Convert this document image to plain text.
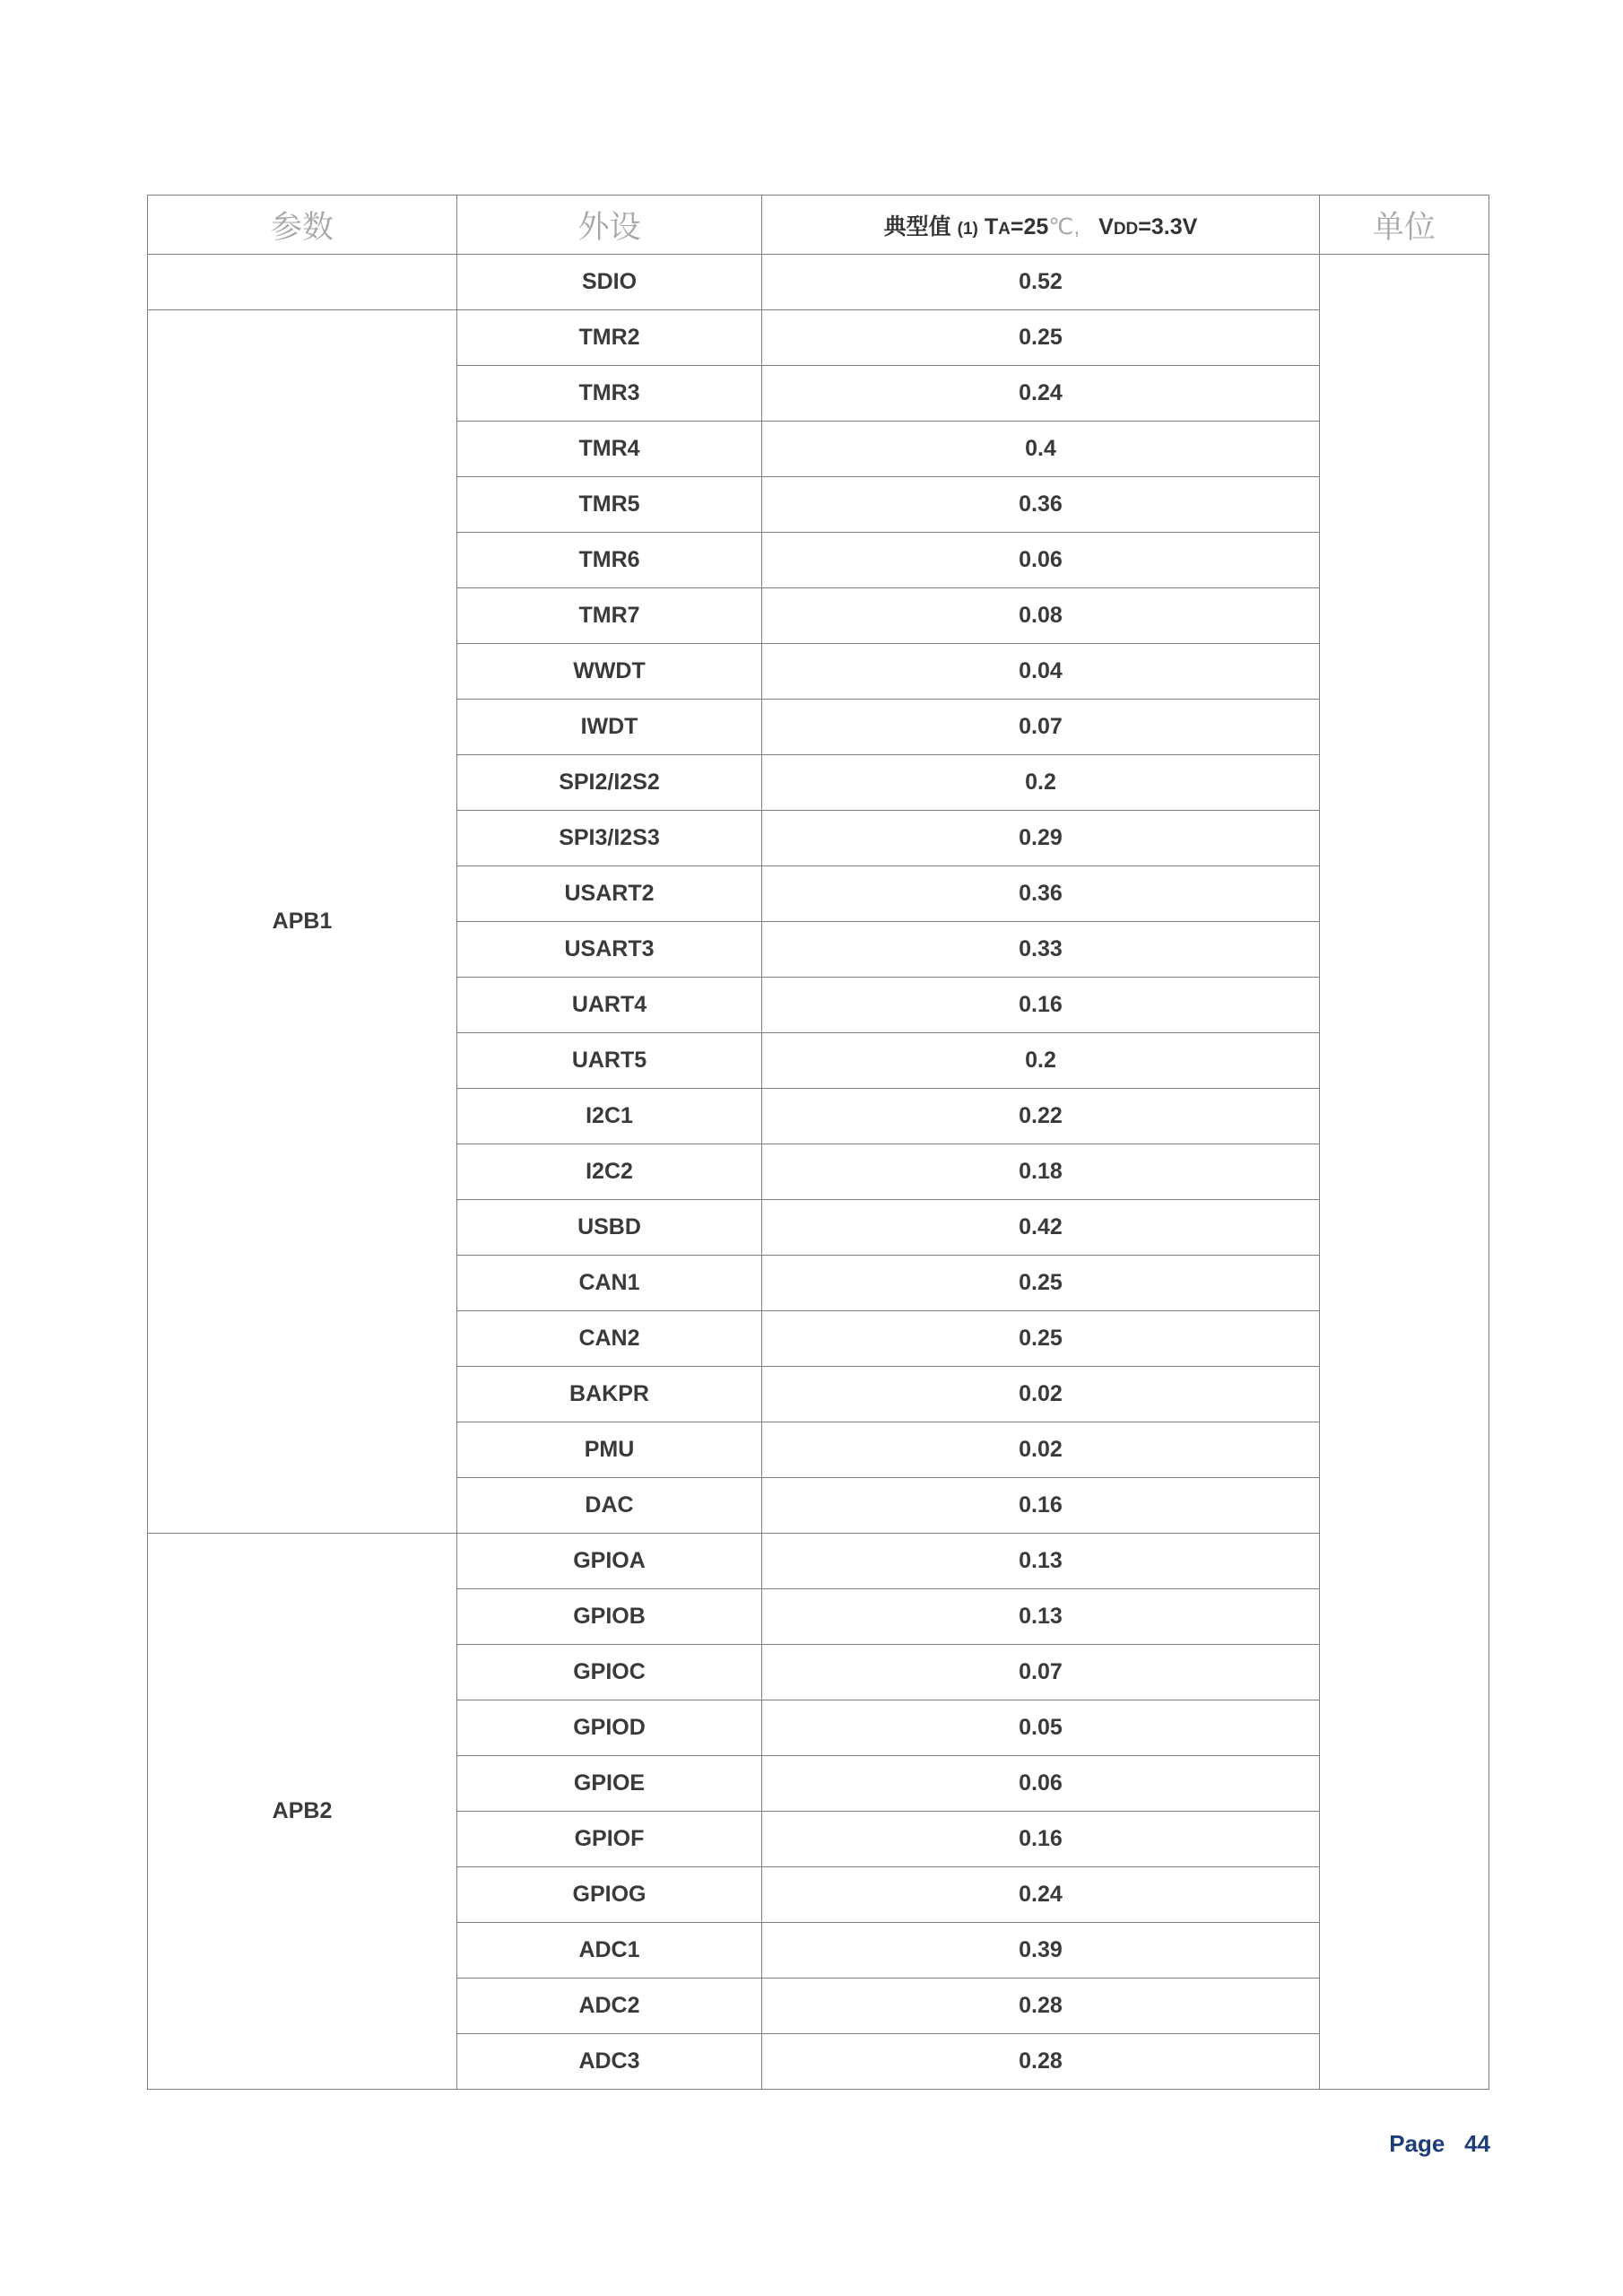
参数	外设	典型值 (1) TA=25℃, VDD=3.3V	单位
	SDIO	0.52	
APB1	TMR2	0.25	
	TMR3	0.24	
	TMR4	0.4	
	TMR5	0.36	
	TMR6	0.06	
	TMR7	0.08	
	WWDT	0.04	
	IWDT	0.07	
	SPI2/I2S2	0.2	
	SPI3/I2S3	0.29	
	USART2	0.36	
	USART3	0.33	
	UART4	0.16	
	UART5	0.2	
	I2C1	0.22	
	I2C2	0.18	
	USBD	0.42	
	CAN1	0.25	
	CAN2	0.25	
	BAKPR	0.02	
	PMU	0.02	
	DAC	0.16	
APB2	GPIOA	0.13	
	GPIOB	0.13	
	GPIOC	0.07	
	GPIOD	0.05	
	GPIOE	0.06	
	GPIOF	0.16	
	GPIOG	0.24	
	ADC1	0.39	
	ADC2	0.28	
	ADC3	0.28	
Page 44
